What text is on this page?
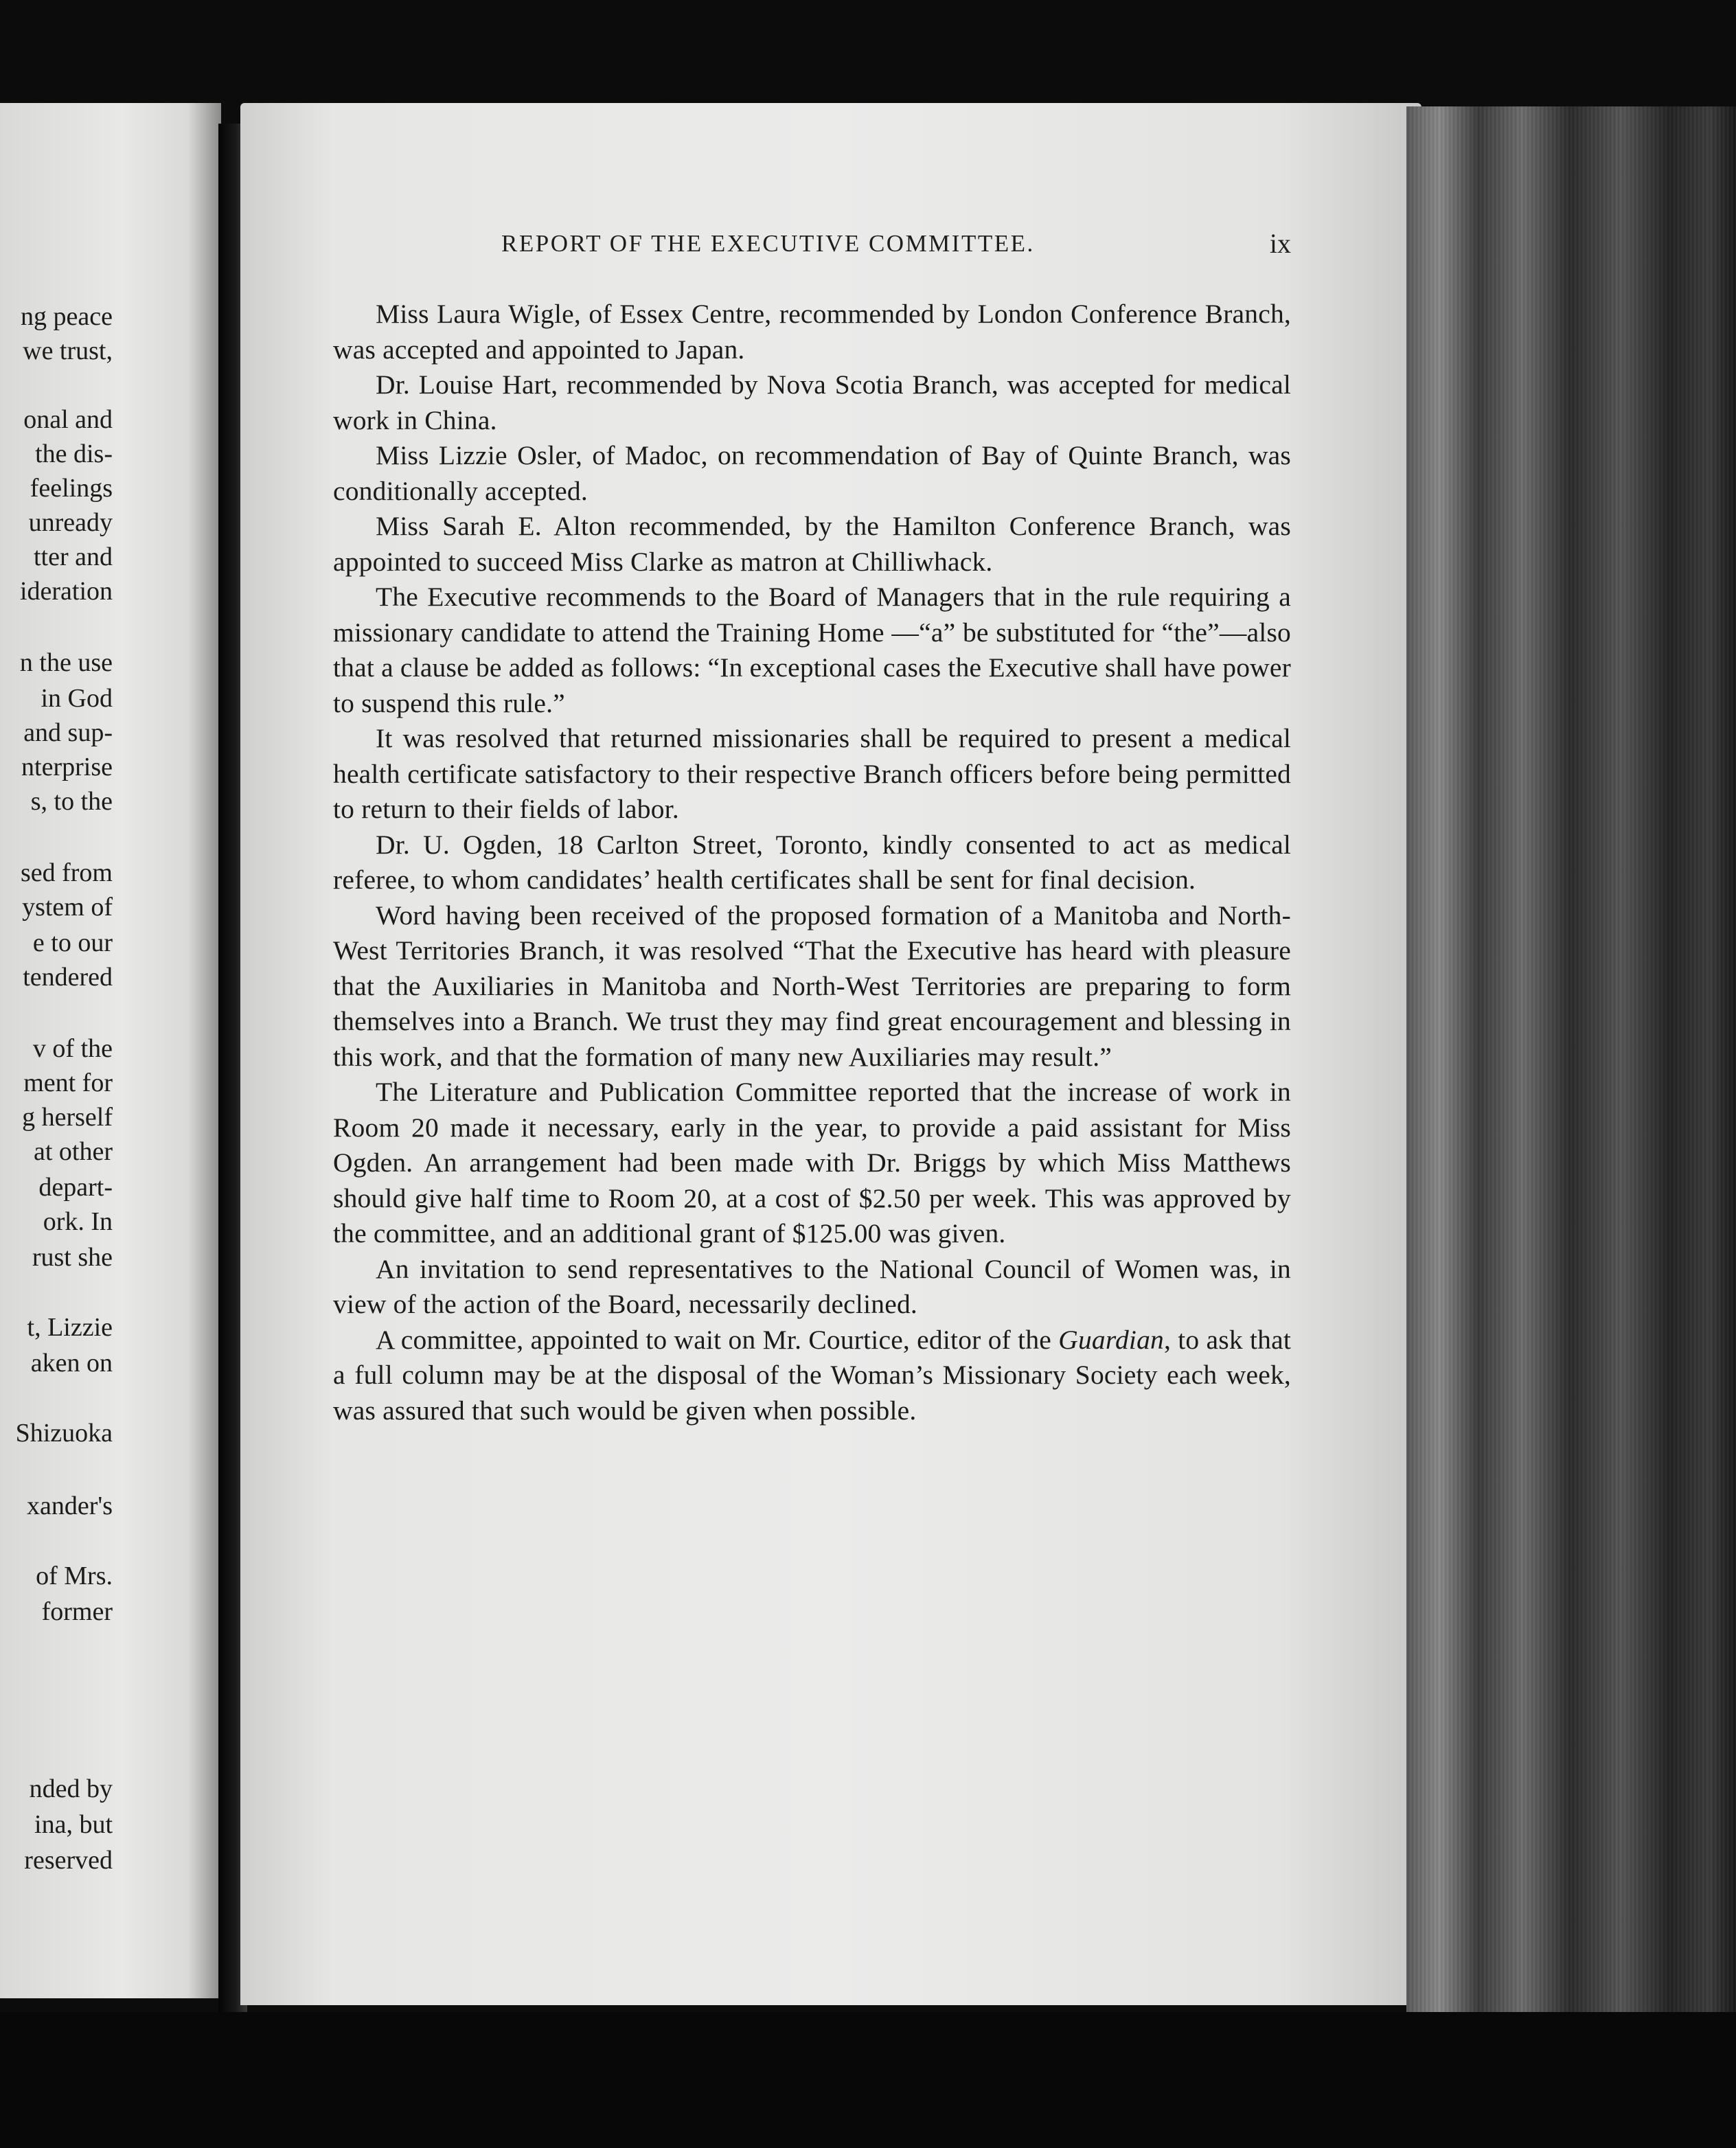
ng peace
we trust,
onal and
the dis-
feelings
unready
tter and
ideration
n the use
in God
and sup-
nterprise
s, to the
sed from
ystem of
e to our
tendered
v of the
ment for
g herself
at other
depart-
ork. In
rust she
t, Lizzie
aken on
Shizuoka
xander's
of Mrs.
former
nded by
ina, but
reserved
REPORT OF THE EXECUTIVE COMMITTEE.	ix

Miss Laura Wigle, of Essex Centre, recommended by London Conference Branch, was accepted and appointed to Japan.

Dr. Louise Hart, recommended by Nova Scotia Branch, was accepted for medical work in China.

Miss Lizzie Osler, of Madoc, on recommendation of Bay of Quinte Branch, was conditionally accepted.

Miss Sarah E. Alton recommended, by the Hamilton Conference Branch, was appointed to succeed Miss Clarke as matron at Chilliwhack.

The Executive recommends to the Board of Managers that in the rule requiring a missionary candidate to attend the Training Home —“a” be substituted for “the”—also that a clause be added as follows: “In exceptional cases the Executive shall have power to suspend this rule.”

It was resolved that returned missionaries shall be required to present a medical health certificate satisfactory to their respective Branch officers before being permitted to return to their fields of labor.

Dr. U. Ogden, 18 Carlton Street, Toronto, kindly consented to act as medical referee, to whom candidates’ health certificates shall be sent for final decision.

Word having been received of the proposed formation of a Manitoba and North-West Territories Branch, it was resolved “That the Executive has heard with pleasure that the Auxiliaries in Manitoba and North-West Territories are preparing to form themselves into a Branch. We trust they may find great encouragement and blessing in this work, and that the formation of many new Auxiliaries may result.”

The Literature and Publication Committee reported that the increase of work in Room 20 made it necessary, early in the year, to provide a paid assistant for Miss Ogden. An arrangement had been made with Dr. Briggs by which Miss Matthews should give half time to Room 20, at a cost of $2.50 per week. This was approved by the committee, and an additional grant of $125.00 was given.

An invitation to send representatives to the National Council of Women was, in view of the action of the Board, necessarily declined.

A committee, appointed to wait on Mr. Courtice, editor of the Guardian, to ask that a full column may be at the disposal of the Woman’s Missionary Society each week, was assured that such would be given when possible.
